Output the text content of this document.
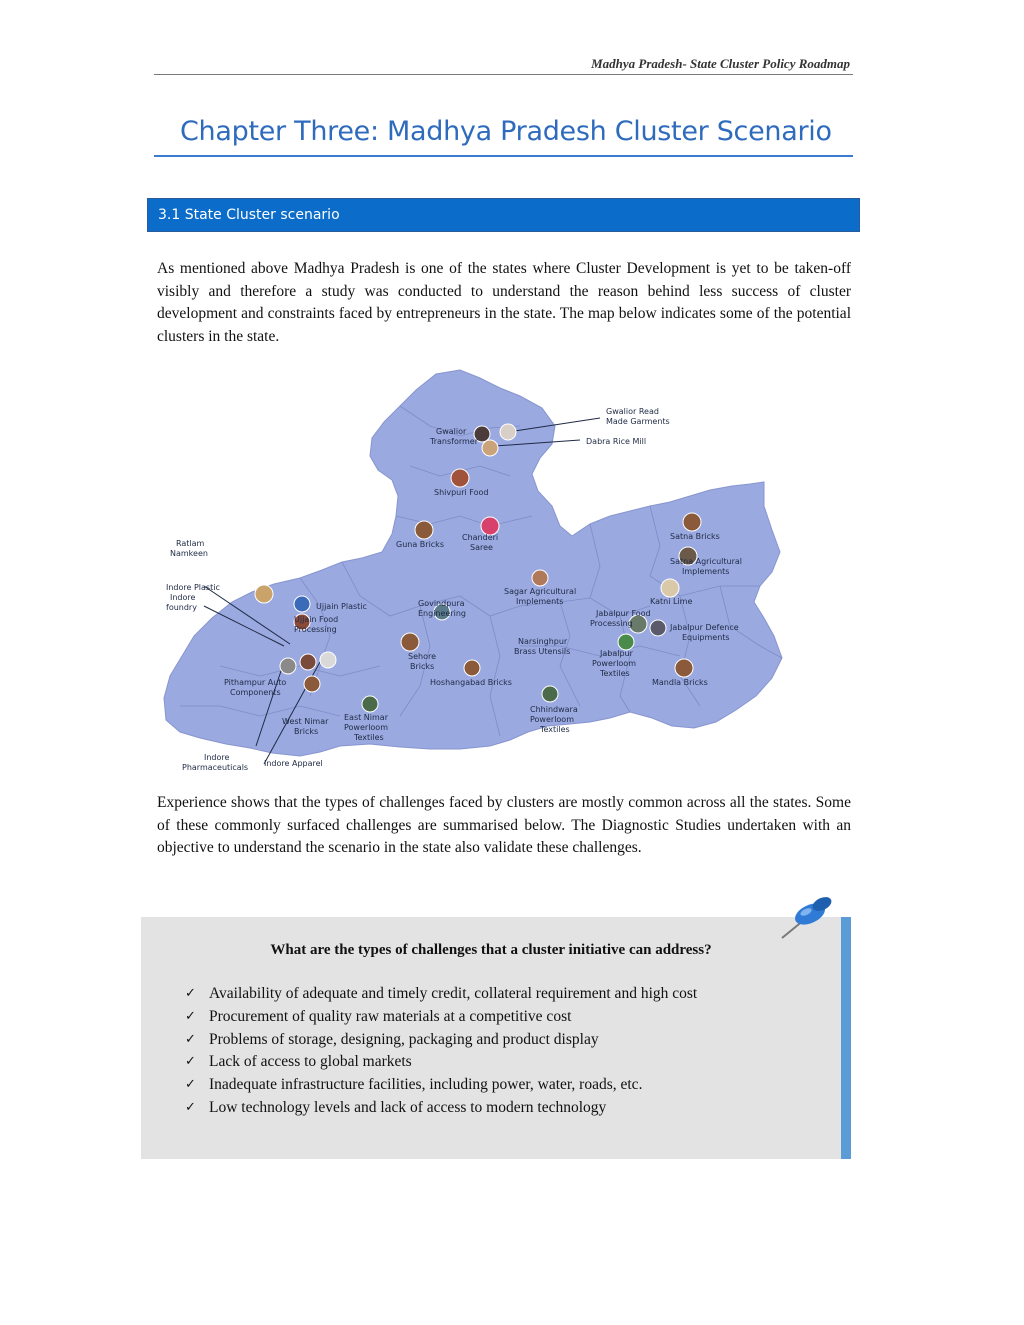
Madhya Pradesh- State Cluster Policy Roadmap
Chapter Three: Madhya Pradesh Cluster Scenario
3.1 State Cluster scenario

As mentioned above Madhya Pradesh is one of the states where Cluster Development is yet to be taken-off visibly and therefore a study was conducted to understand the reason behind less success of cluster development and constraints faced by entrepreneurs in the state. The map below indicates some of the potential clusters in the state.

Gwalior Read
Made Garments
Gwalior
Transformer	Dabra Rice Mill
Shivpuri Food
Guna Bricks
Chanderi
Saree
Satna Bricks
Satna Agricultural
Implements
Ratlam
Namkeen
Indore Plastic
Indore
foundry	Ujjain Plastic
Ujjain Food
Processing
Govindpura
Engineering
Sagar Agricultural
Implements	Katni Lime
Jabalpur Food
Processing	Jabalpur Defence
Equipments
Narsinghpur
Brass Utensils	Jabalpur
Powerloom
Textiles
Sehore
Bricks
Hoshangabad Bricks	Mandla Bricks
Pithampur Auto
Components
Chhindwara
Powerloom
Textiles
West Nimar
Bricks
East Nimar
Powerloom
Textiles
Indore
Pharmaceuticals Indore Apparel

Experience shows that the types of challenges faced by clusters are mostly common across all the states. Some of these commonly surfaced challenges are summarised below. The Diagnostic Studies undertaken with an objective to understand the scenario in the state also validate these challenges.

What are the types of challenges that a cluster initiative can address?
✓ Availability of adequate and timely credit, collateral requirement and high cost
✓ Procurement of quality raw materials at a competitive cost
✓ Problems of storage, designing, packaging and product display
✓ Lack of access to global markets
✓ Inadequate infrastructure facilities, including power, water, roads, etc.
✓ Low technology levels and lack of access to modern technology
